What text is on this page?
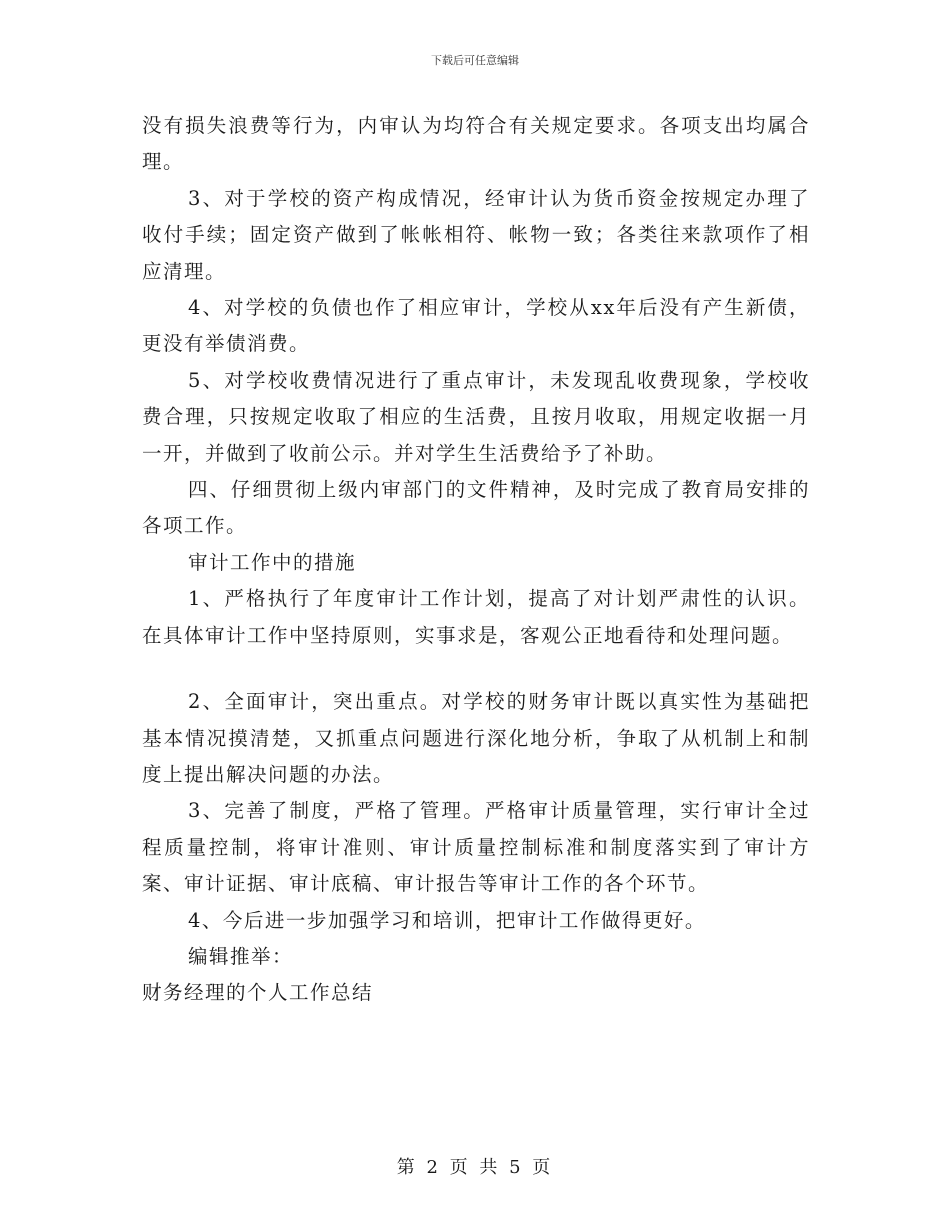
下载后可任意编辑

没有损失浪费等行为，内审认为均符合有关规定要求。各项支出均属合理。

3、对于学校的资产构成情况，经审计认为货币资金按规定办理了收付手续；固定资产做到了帐帐相符、帐物一致；各类往来款项作了相应清理。

4、对学校的负债也作了相应审计，学校从xx年后没有产生新债，更没有举债消费。

5、对学校收费情况进行了重点审计，未发现乱收费现象，学校收费合理，只按规定收取了相应的生活费，且按月收取，用规定收据一月一开，并做到了收前公示。并对学生生活费给予了补助。

四、仔细贯彻上级内审部门的文件精神，及时完成了教育局安排的各项工作。

审计工作中的措施

1、严格执行了年度审计工作计划，提高了对计划严肃性的认识。在具体审计工作中坚持原则，实事求是，客观公正地看待和处理问题。

2、全面审计，突出重点。对学校的财务审计既以真实性为基础把基本情况摸清楚，又抓重点问题进行深化地分析，争取了从机制上和制度上提出解决问题的办法。

3、完善了制度，严格了管理。严格审计质量管理，实行审计全过程质量控制，将审计准则、审计质量控制标准和制度落实到了审计方案、审计证据、审计底稿、审计报告等审计工作的各个环节。

4、今后进一步加强学习和培训，把审计工作做得更好。

编辑推举：

财务经理的个人工作总结

第 2 页 共 5 页
